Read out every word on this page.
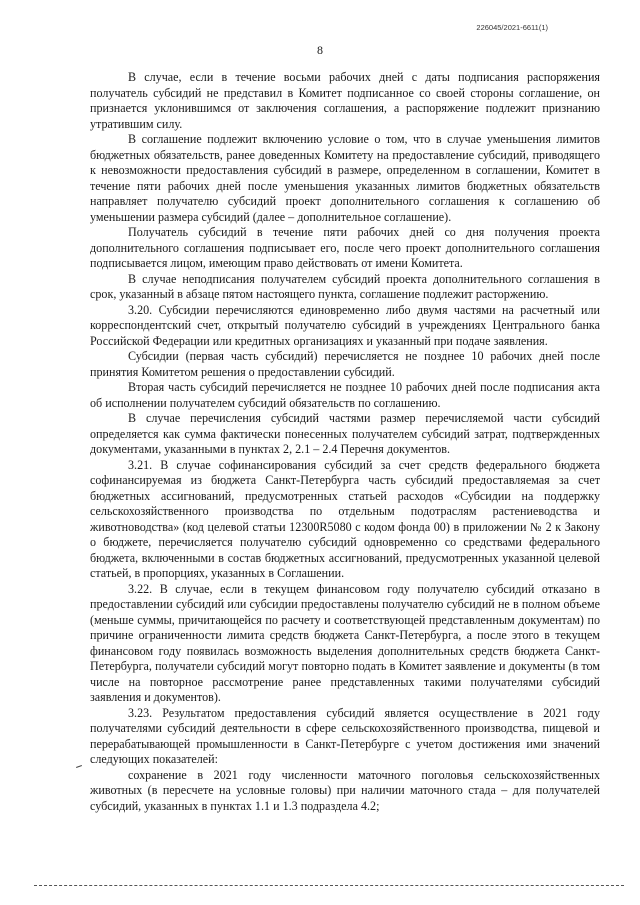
226045/2021-6611(1)
8

В случае, если в течение восьми рабочих дней с даты подписания распоряжения получатель субсидий не представил в Комитет подписанное со своей стороны соглашение, он признается уклонившимся от заключения соглашения, а распоряжение подлежит признанию утратившим силу.

В соглашение подлежит включению условие о том, что в случае уменьшения лимитов бюджетных обязательств, ранее доведенных Комитету на предоставление субсидий, приводящего к невозможности предоставления субсидий в размере, определенном в соглашении, Комитет в течение пяти рабочих дней после уменьшения указанных лимитов бюджетных обязательств направляет получателю субсидий проект дополнительного соглашения к соглашению об уменьшении размера субсидий (далее – дополнительное соглашение).

Получатель субсидий в течение пяти рабочих дней со дня получения проекта дополнительного соглашения подписывает его, после чего проект дополнительного соглашения подписывается лицом, имеющим право действовать от имени Комитета.

В случае неподписания получателем субсидий проекта дополнительного соглашения в срок, указанный в абзаце пятом настоящего пункта, соглашение подлежит расторжению.

3.20. Субсидии перечисляются единовременно либо двумя частями на расчетный или корреспондентский счет, открытый получателю субсидий в учреждениях Центрального банка Российской Федерации или кредитных организациях и указанный при подаче заявления.

Субсидии (первая часть субсидий) перечисляется не позднее 10 рабочих дней после принятия Комитетом решения о предоставлении субсидий.

Вторая часть субсидий перечисляется не позднее 10 рабочих дней после подписания акта об исполнении получателем субсидий обязательств по соглашению.

В случае перечисления субсидий частями размер перечисляемой части субсидий определяется как сумма фактически понесенных получателем субсидий затрат, подтвержденных документами, указанными в пунктах 2, 2.1 – 2.4 Перечня документов.

3.21. В случае софинансирования субсидий за счет средств федерального бюджета софинансируемая из бюджета Санкт-Петербурга часть субсидий предоставляемая за счет бюджетных ассигнований, предусмотренных статьей расходов «Субсидии на поддержку сельскохозяйственного производства по отдельным подотраслям растениеводства и животноводства» (код целевой статьи 12300R5080 с кодом фонда 00) в приложении № 2 к Закону о бюджете, перечисляется получателю субсидий одновременно со средствами федерального бюджета, включенными в состав бюджетных ассигнований, предусмотренных указанной целевой статьей, в пропорциях, указанных в Соглашении.

3.22. В случае, если в текущем финансовом году получателю субсидий отказано в предоставлении субсидий или субсидии предоставлены получателю субсидий не в полном объеме (меньше суммы, причитающейся по расчету и соответствующей представленным документам) по причине ограниченности лимита средств бюджета Санкт-Петербурга, а после этого в текущем финансовом году появилась возможность выделения дополнительных средств бюджета Санкт-Петербурга, получатели субсидий могут повторно подать в Комитет заявление и документы (в том числе на повторное рассмотрение ранее представленных такими получателями субсидий заявления и документов).

3.23. Результатом предоставления субсидий является осуществление в 2021 году получателями субсидий деятельности в сфере сельскохозяйственного производства, пищевой и перерабатывающей промышленности в Санкт-Петербурге с учетом достижения ими значений следующих показателей:

сохранение в 2021 году численности маточного поголовья сельскохозяйственных животных (в пересчете на условные головы) при наличии маточного стада – для получателей субсидий, указанных в пунктах 1.1 и 1.3 подраздела 4.2;
